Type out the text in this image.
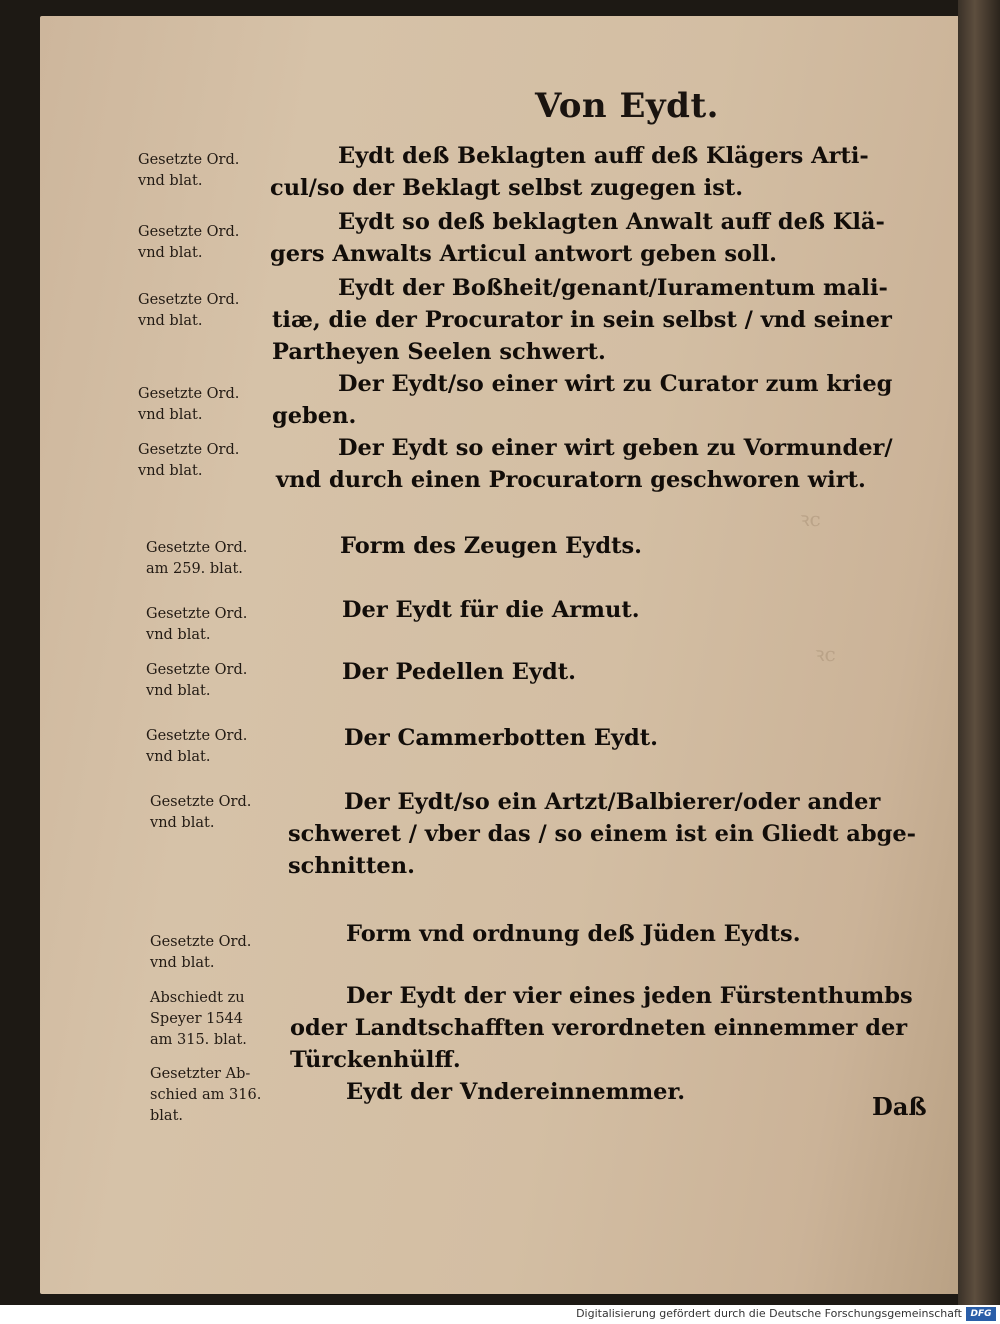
ꝛc
ꝛc
Von Eydt.
Gesetzte Ord.
vnd blat.
Eydt deß Beklagten auff deß Klägers Arti-
cul/so der Beklagt selbst zugegen ist.
Gesetzte Ord.
vnd blat.
Eydt so deß beklagten Anwalt auff deß Klä-
gers Anwalts Articul antwort geben soll.
Gesetzte Ord.
vnd blat.
Eydt der Boßheit/genant/Iuramentum mali-
tiæ, die der Procurator in sein selbst / vnd seiner
Partheyen Seelen schwert.
Gesetzte Ord.
vnd blat.
Der Eydt/so einer wirt zu Curator zum krieg
geben.
Gesetzte Ord.
vnd blat.
Der Eydt so einer wirt geben zu Vormunder/
vnd durch einen Procuratorn geschworen wirt.
Gesetzte Ord.
am 259. blat.
Form des Zeugen Eydts.
Gesetzte Ord.
vnd blat.
Der Eydt für die Armut.
Gesetzte Ord.
vnd blat.
Der Pedellen Eydt.
Gesetzte Ord.
vnd blat.
Der Cammerbotten Eydt.
Gesetzte Ord.
vnd blat.
Der Eydt/so ein Artzt/Balbierer/oder ander
schweret / vber das / so einem ist ein Gliedt abge-
schnitten.
Gesetzte Ord.
vnd blat.
Form vnd ordnung deß Jüden Eydts.
Abschiedt zu
Speyer 1544
am 315. blat.
Der Eydt der vier eines jeden Fürstenthumbs
oder Landtschafften verordneten einnemmer der
Türckenhülff.
Gesetzter Ab-
schied am 316.
blat.
Eydt der Vndereinnemmer.	Daß
Digitalisierung gefördert durch die Deutsche Forschungsgemeinschaft DFG
